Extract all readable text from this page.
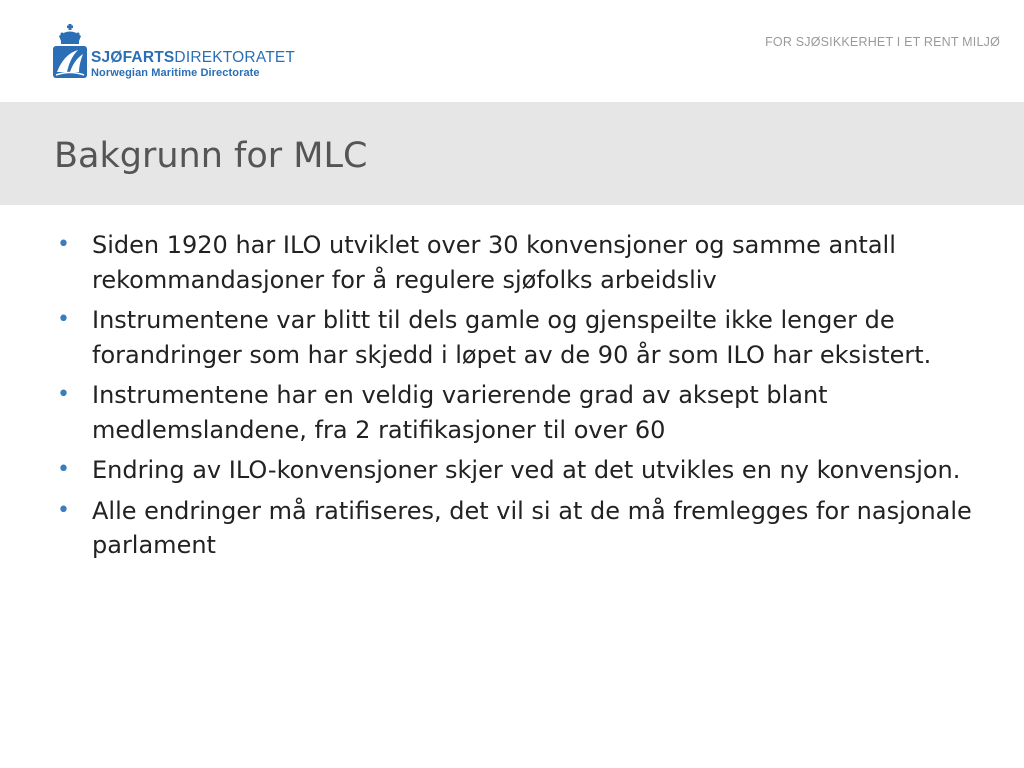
SJØFARTSDIREKTORATET
Norwegian Maritime Directorate
FOR SJØSIKKERHET I ET RENT MILJØ
Bakgrunn for MLC
• Siden 1920 har ILO utviklet over 30 konvensjoner og samme antall rekommandasjoner for å regulere sjøfolks arbeidsliv
• Instrumentene var blitt til dels gamle og gjenspeilte ikke lenger de forandringer som har skjedd i løpet av de 90 år som ILO har eksistert.
• Instrumentene har en veldig varierende grad av aksept blant medlemslandene, fra 2 ratifikasjoner til over 60
• Endring av ILO-konvensjoner skjer ved at det utvikles en ny konvensjon.
• Alle endringer må ratifiseres, det vil si at de må fremlegges for nasjonale parlament
